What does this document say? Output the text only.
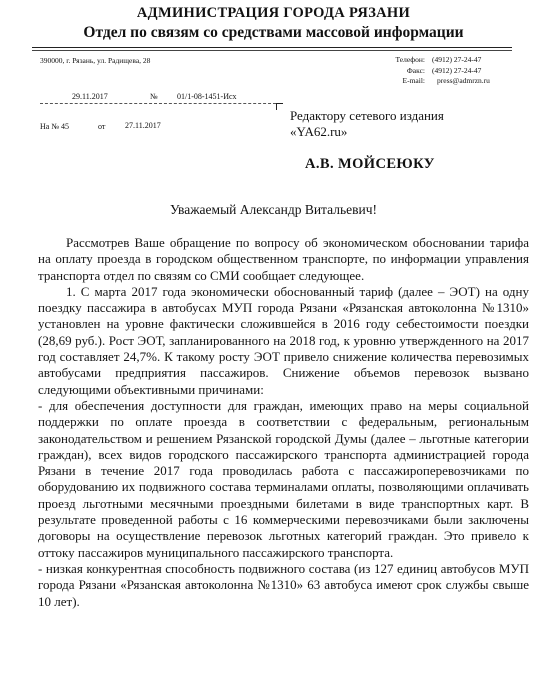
АДМИНИСТРАЦИЯ ГОРОДА РЯЗАНИ
Отдел по связям со средствами массовой информации
390000, г. Рязань, ул. Радищева, 28	Телефон: (4912) 27-24-47
Факс: (4912) 27-24-47
E-mail:	press@admrzn.ru
29.11.2017	№ 01/1-08-1451-Исх
На № 45	от 27.11.2017
Редактору сетевого издания
«YA62.ru»
А.В. МОЙСЕЮКУ
Уважаемый Александр Витальевич!

Рассмотрев Ваше обращение по вопросу об экономическом обосновании тарифа на оплату проезда в городском общественном транспорте, по информации управления транспорта отдел по связям со СМИ сообщает следующее.

1. С марта 2017 года экономически обоснованный тариф (далее – ЭОТ) на одну поездку пассажира в автобусах МУП города Рязани «Рязанская автоколонна №1310» установлен на уровне фактически сложившейся в 2016 году себестоимости поездки (28,69 руб.). Рост ЭОТ, запланированного на 2018 год, к уровню утвержденного на 2017 год составляет 24,7%. К такому росту ЭОТ привело снижение количества перевозимых автобусами предприятия пассажиров. Снижение объемов перевозок вызвано следующими объективными причинами:

- для обеспечения доступности для граждан, имеющих право на меры социальной поддержки по оплате проезда в соответствии с федеральным, региональным законодательством и решением Рязанской городской Думы (далее – льготные категории граждан), всех видов городского пассажирского транспорта администрацией города Рязани в течение 2017 года проводилась работа с пассажироперевозчиками по оборудованию их подвижного состава терминалами оплаты, позволяющими оплачивать проезд льготными месячными проездными билетами в виде транспортных карт. В результате проведенной работы с 16 коммерческими перевозчиками были заключены договоры на осуществление перевозок льготных категорий граждан. Это привело к оттоку пассажиров муниципального пассажирского транспорта.

- низкая конкурентная способность подвижного состава (из 127 единиц автобусов МУП города Рязани «Рязанская автоколонна №1310» 63 автобуса имеют срок службы свыше 10 лет).
